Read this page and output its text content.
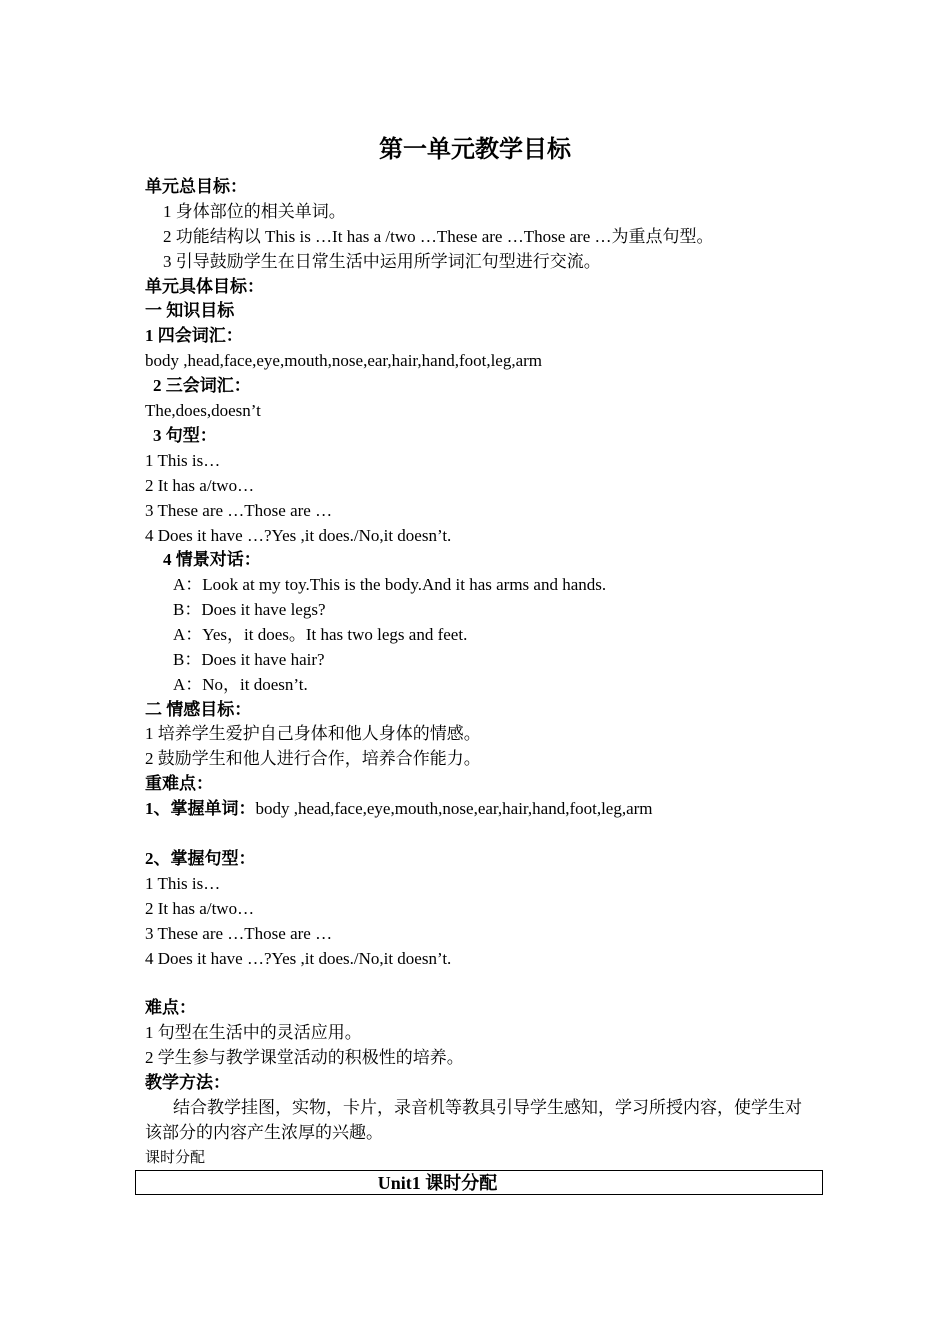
第一单元教学目标
单元总目标：
1 身体部位的相关单词。
2 功能结构以 This is …It has a /two …These are …Those are …为重点句型。
3 引导鼓励学生在日常生活中运用所学词汇句型进行交流。
单元具体目标：
一 知识目标
1 四会词汇：
body ,head,face,eye,mouth,nose,ear,hair,hand,foot,leg,arm
2 三会词汇：
The,does,doesn’t
3 句型：
1 This is…
2 It has a/two…
3 These are …Those are …
4 Does it have …?Yes ,it does./No,it doesn’t.
4 情景对话：
A：Look at my toy.This is the body.And it has arms and hands.
B：Does it have legs?
A：Yes，it does。It has two legs and feet.
B：Does it have hair?
A：No，it doesn’t.
二 情感目标：
1 培养学生爱护自己身体和他人身体的情感。
2 鼓励学生和他人进行合作，培养合作能力。
重难点：
1、掌握单词：body ,head,face,eye,mouth,nose,ear,hair,hand,foot,leg,arm
2、掌握句型：
1 This is…
2 It has a/two…
3 These are …Those are …
4 Does it have …?Yes ,it does./No,it doesn’t.
难点：
1 句型在生活中的灵活应用。
2 学生参与教学课堂活动的积极性的培养。
教学方法：
结合教学挂图，实物，卡片，录音机等教具引导学生感知，学习所授内容，使学生对该部分的内容产生浓厚的兴趣。
课时分配
Unit1 课时分配
